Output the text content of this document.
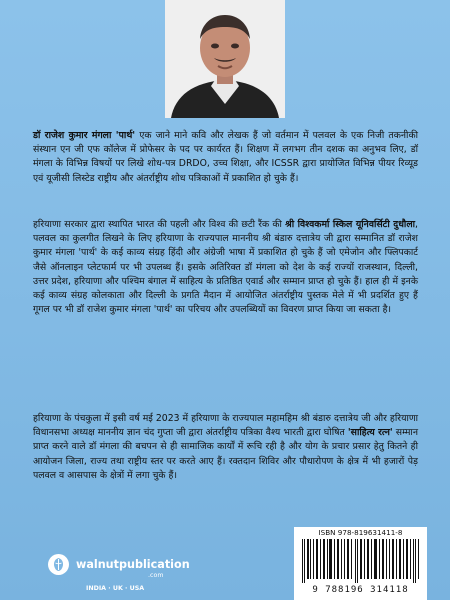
डॉ राजेश कुमार मंगला 'पार्थ' एक जाने माने कवि और लेखक हैं जो वर्तमान में पलवल के एक निजी तकनीकी संस्थान एन जी एफ कॉलेज में प्रोफेसर के पद पर कार्यरत हैं। शिक्षण में लगभग तीन दशक का अनुभव लिए, डॉ मंगला के विभिन्न विषयों पर लिखे शोध-पत्र DRDO, उच्च शिक्षा, और ICSSR द्वारा प्रायोजित विभिन्न पीयर रिव्यूड एवं यूजीसी लिस्टेड राष्ट्रीय और अंतर्राष्ट्रीय शोध पत्रिकाओं में प्रकाशित हो चुके हैं।

हरियाणा सरकार द्वारा स्थापित भारत की पहली और विश्व की छटी रैंक की श्री विश्वकर्मा स्किल यूनिवर्सिटी दुधौला, पलवल का कुलगीत लिखने के लिए हरियाणा के राज्यपाल माननीय श्री बंडारु दत्तात्रेय जी द्वारा सम्मानित डॉ राजेश कुमार मंगला 'पार्थ' के कई काव्य संग्रह हिंदी और अंग्रेजी भाषा में प्रकाशित हो चुके हैं जो एमेजोन और फ्लिपकार्ट जैसे ऑनलाइन प्लेटफार्म पर भी उपलब्ध हैं। इसके अतिरिक्त डॉ मंगला को देश के कई राज्यों राजस्थान, दिल्ली, उत्तर प्रदेश, हरियाणा और पश्चिम बंगाल में साहित्य के प्रतिष्ठित एवार्ड और सम्मान प्राप्त हो चुके हैं। हाल ही में इनके कई काव्य संग्रह कोलकाता और दिल्ली के प्रगति मैदान में आयोजित अंतर्राष्ट्रीय पुस्तक मेले में भी प्रदर्शित हुए हैं गूगल पर भी डॉ राजेश कुमार मंगला 'पार्थ' का परिचय और उपलब्धियों का विवरण प्राप्त किया जा सकता है।

हरियाणा के पंचकुला में इसी वर्ष मई 2023 में हरियाणा के राज्यपाल महामहिम श्री बंडारु दत्तात्रेय जी और हरियाणा विधानसभा अध्यक्ष माननीय ज्ञान चंद गुप्ता जी द्वारा अंतर्राष्ट्रीय पत्रिका वैश्य भारती द्वारा घोषित 'साहित्य रत्न' सम्मान प्राप्त करने वाले डॉ मंगला की बचपन से ही सामाजिक कार्यों में रूचि रही है और योग के प्रचार प्रसार हेतु कितने ही आयोजन जिला, राज्य तथा राष्ट्रीय स्तर पर करते आए हैं। रक्तदान शिविर और पौधारोपण के क्षेत्र में भी हजारों पेड़ पलवल व आसपास के क्षेत्रों में लगा चुके हैं।

walnutpublication
.com
INDIA · UK · USA
ISBN 978-819631411-8
9 788196 314118
